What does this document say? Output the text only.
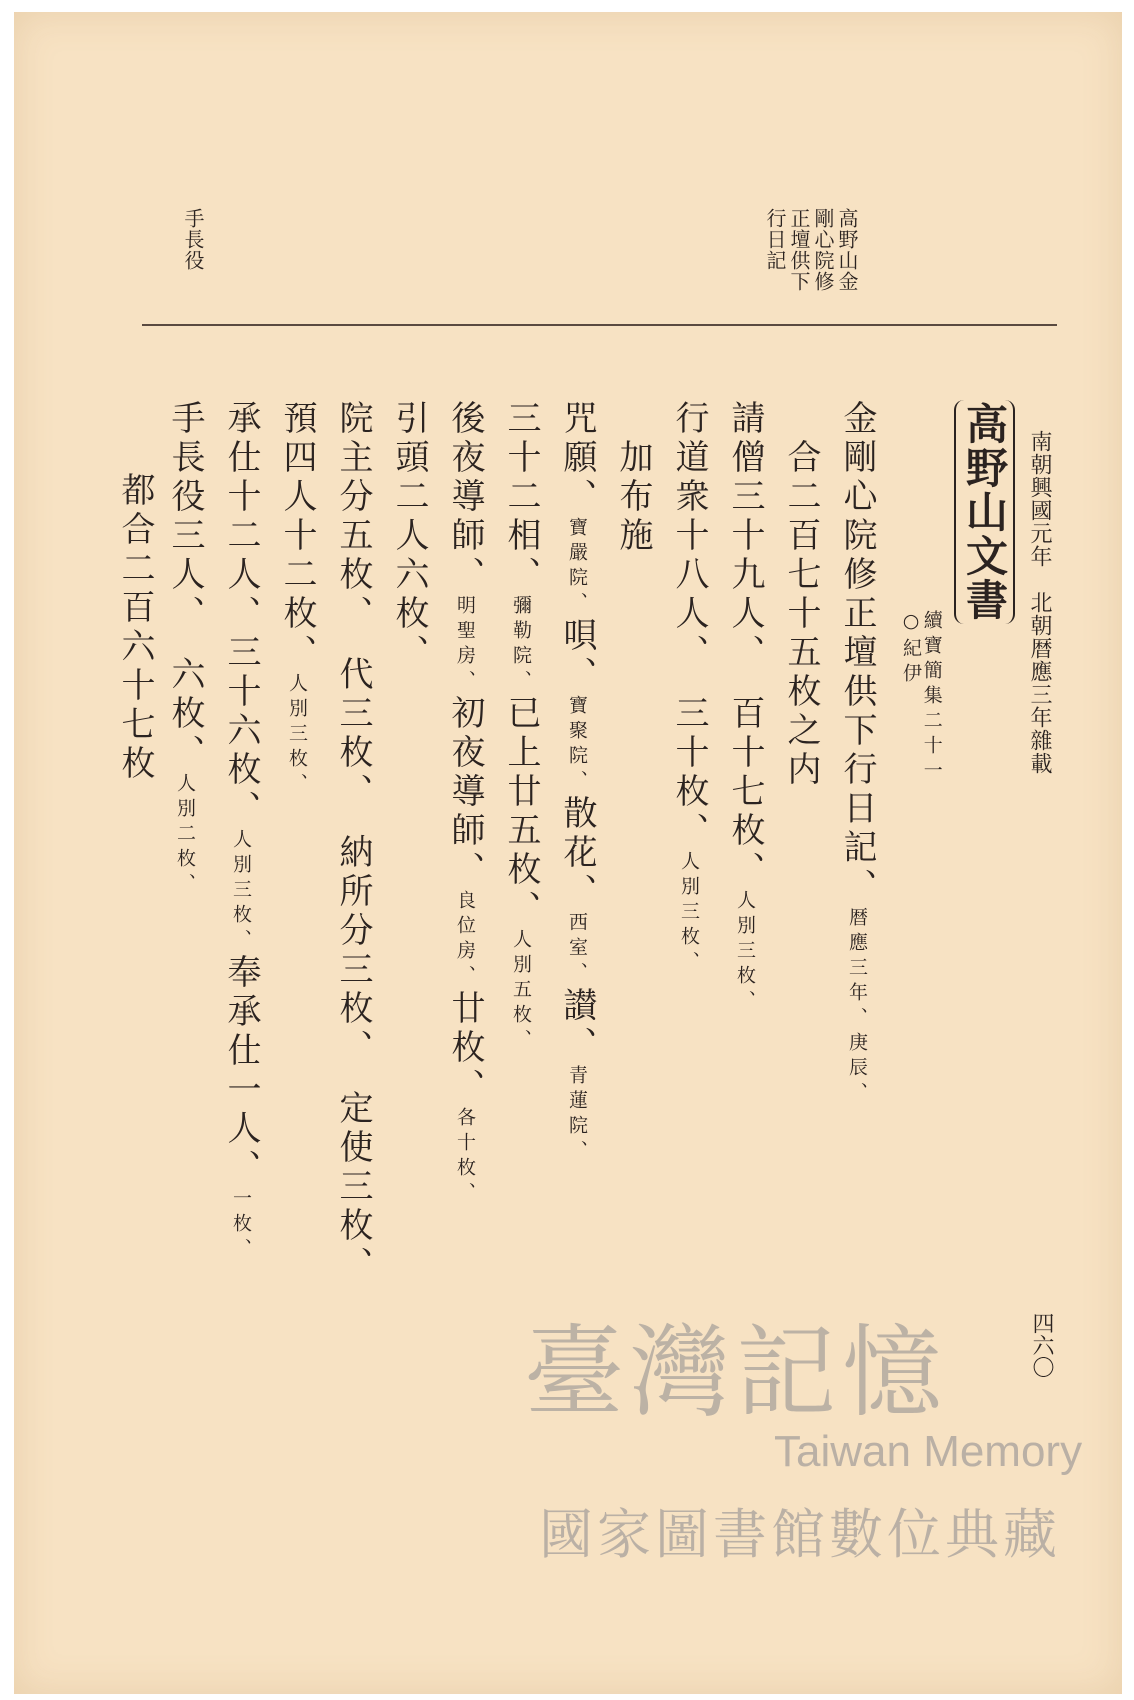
高野山金
剛心院修
正壇供下
行日記
手長役
南朝興國元年　北朝暦應三年雜載
高野山文書
續寶簡集二十一
○紀伊
金剛心院修正壇供下行日記、暦應三年、庚辰、
　合二百七十五枚之内
請僧三十九人、　百十七枚、人別三枚、
行道衆十八人、　三十枚、人別三枚、
　加布施
咒願、寶嚴院、唄、寶聚院、散花、西室、讃、青蓮院、
三十二相、彌勒院、已上廿五枚、人別五枚、
後夜導師、明聖房、初夜導師、良位房、廿枚、各十枚、
引頭二人六枚、
院主分五枚、　代三枚、　納所分三枚、　定使三枚、
預四人十二枚、人別三枚、
承仕十二人、三十六枚、人別三枚、奉承仕一人、一枚、
手長役三人、　六枚、人別二枚、
都合二百六十七枚
四六〇
臺灣記憶
Taiwan Memory
國家圖書館數位典藏
